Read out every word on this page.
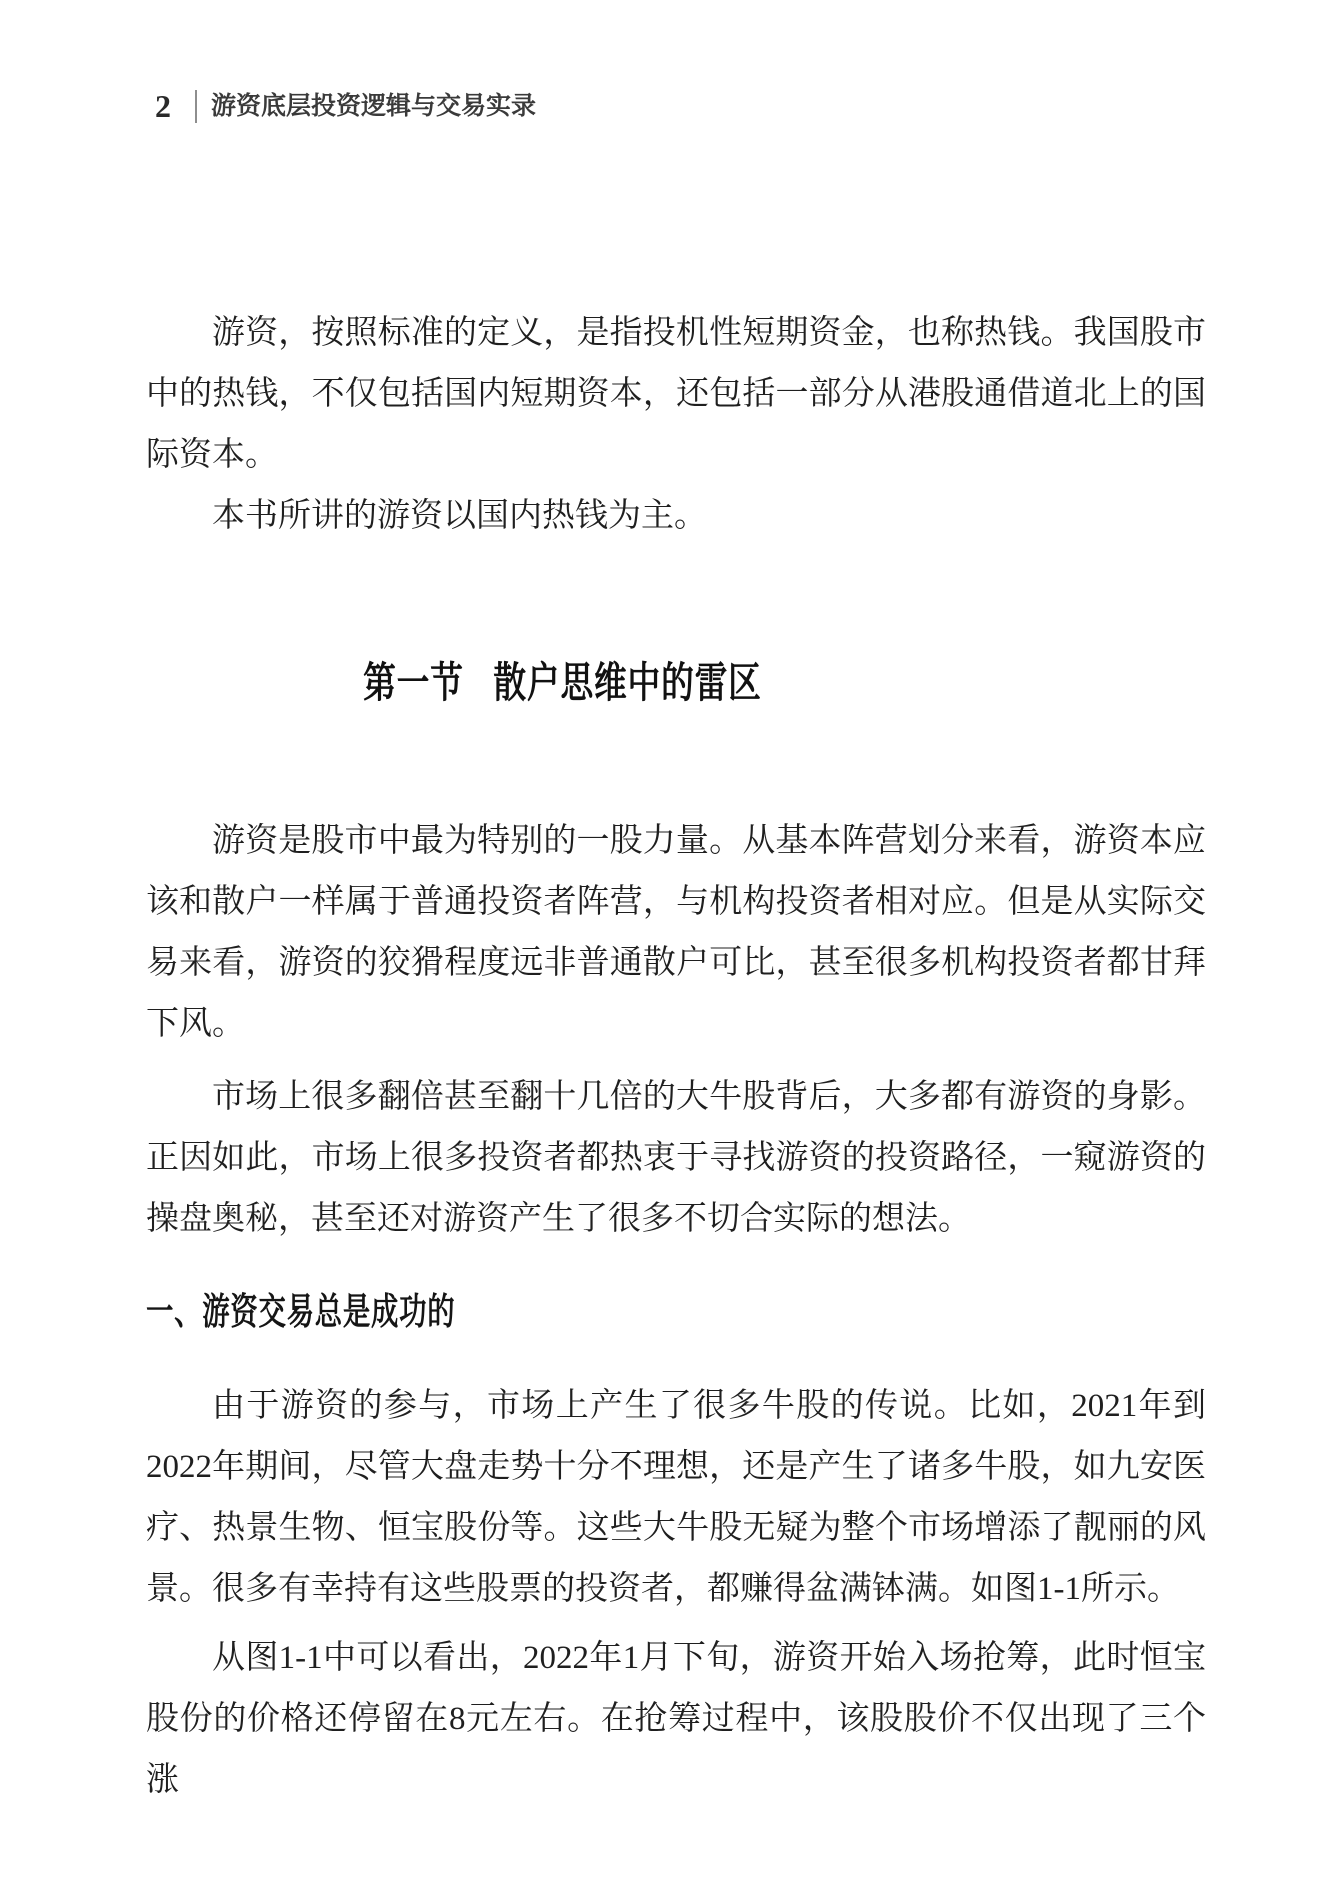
2 游资底层投资逻辑与交易实录

游资，按照标准的定义，是指投机性短期资金，也称热钱。我国股市中的热钱，不仅包括国内短期资本，还包括一部分从港股通借道北上的国际资本。

本书所讲的游资以国内热钱为主。

第一节 散户思维中的雷区

游资是股市中最为特别的一股力量。从基本阵营划分来看，游资本应该和散户一样属于普通投资者阵营，与机构投资者相对应。但是从实际交易来看，游资的狡猾程度远非普通散户可比，甚至很多机构投资者都甘拜下风。

市场上很多翻倍甚至翻十几倍的大牛股背后，大多都有游资的身影。正因如此，市场上很多投资者都热衷于寻找游资的投资路径，一窥游资的操盘奥秘，甚至还对游资产生了很多不切合实际的想法。

一、游资交易总是成功的

由于游资的参与，市场上产生了很多牛股的传说。比如，2021年到2022年期间，尽管大盘走势十分不理想，还是产生了诸多牛股，如九安医疗、热景生物、恒宝股份等。这些大牛股无疑为整个市场增添了靓丽的风景。很多有幸持有这些股票的投资者，都赚得盆满钵满。如图1-1所示。

从图1-1中可以看出，2022年1月下旬，游资开始入场抢筹，此时恒宝股份的价格还停留在8元左右。在抢筹过程中，该股股价不仅出现了三个涨
